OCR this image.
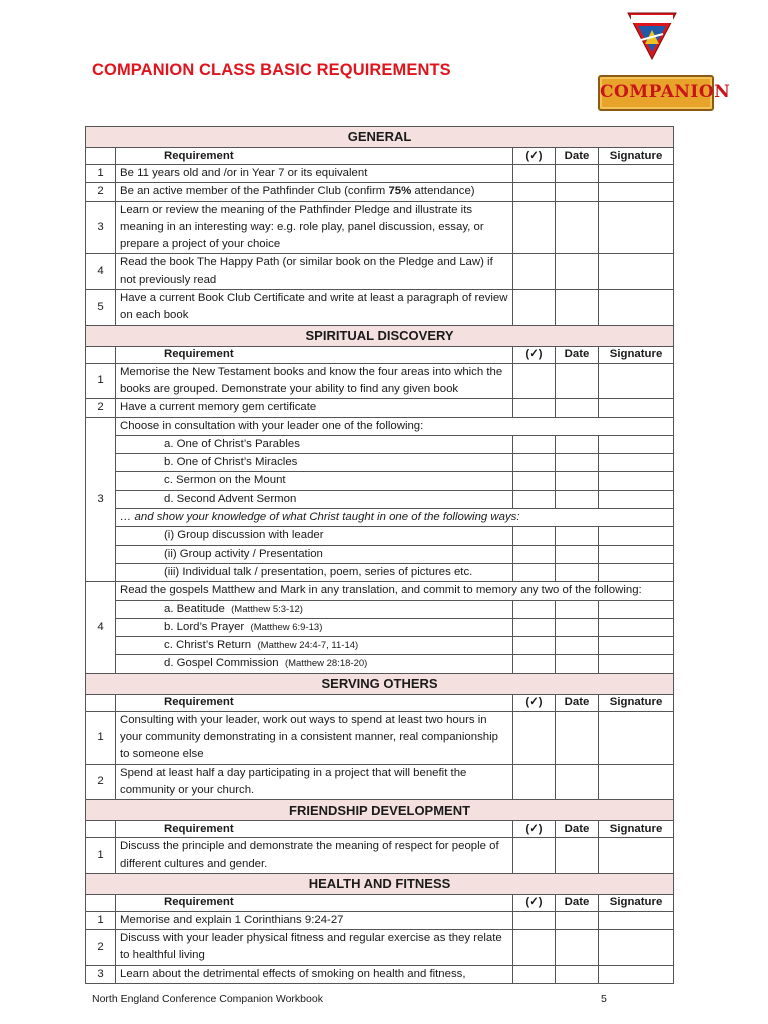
COMPANION CLASS BASIC REQUIREMENTS
COMPANION
GENERAL				
	Requirement	(✓)	Date	Signature
1	Be 11 years old and /or in Year 7 or its equivalent			
2	Be an active member of the Pathfinder Club (confirm 75% attendance)			
3	Learn or review the meaning of the Pathfinder Pledge and illustrate its meaning in an interesting way: e.g. role play, panel discussion, essay, or prepare a project of your choice			
4	Read the book The Happy Path (or similar book on the Pledge and Law) if not previously read			
5	Have a current Book Club Certificate and write at least a paragraph of review on each book			
SPIRITUAL DISCOVERY				
	Requirement	(✓)	Date	Signature
1	Memorise the New Testament books and know the four areas into which the books are grouped. Demonstrate your ability to find any given book			
2	Have a current memory gem certificate			
3	Choose in consultation with your leader one of the following:			
	a. One of Christ’s Parables			
	b. One of Christ’s Miracles			
	c. Sermon on the Mount			
	d. Second Advent Sermon			
	… and show your knowledge of what Christ taught in one of the following ways:			
	(i) Group discussion with leader			
	(ii) Group activity / Presentation			
	(iii) Individual talk / presentation, poem, series of pictures etc.			
4	Read the gospels Matthew and Mark in any translation, and commit to memory any two of the following:			
	a. Beatitude (Matthew 5:3-12)			
	b. Lord’s Prayer (Matthew 6:9-13)			
	c. Christ’s Return (Matthew 24:4-7, 11-14)			
	d. Gospel Commission (Matthew 28:18-20)			
SERVING OTHERS				
	Requirement	(✓)	Date	Signature
1	Consulting with your leader, work out ways to spend at least two hours in your community demonstrating in a consistent manner, real companionship to someone else			
2	Spend at least half a day participating in a project that will benefit the community or your church.			
FRIENDSHIP DEVELOPMENT				
	Requirement	(✓)	Date	Signature
1	Discuss the principle and demonstrate the meaning of respect for people of different cultures and gender.			
HEALTH AND FITNESS				
	Requirement	(✓)	Date	Signature
1	Memorise and explain 1 Corinthians 9:24-27			
2	Discuss with your leader physical fitness and regular exercise as they relate to healthful living			
3	Learn about the detrimental effects of smoking on health and fitness,			
North England Conference Companion Workbook	5
